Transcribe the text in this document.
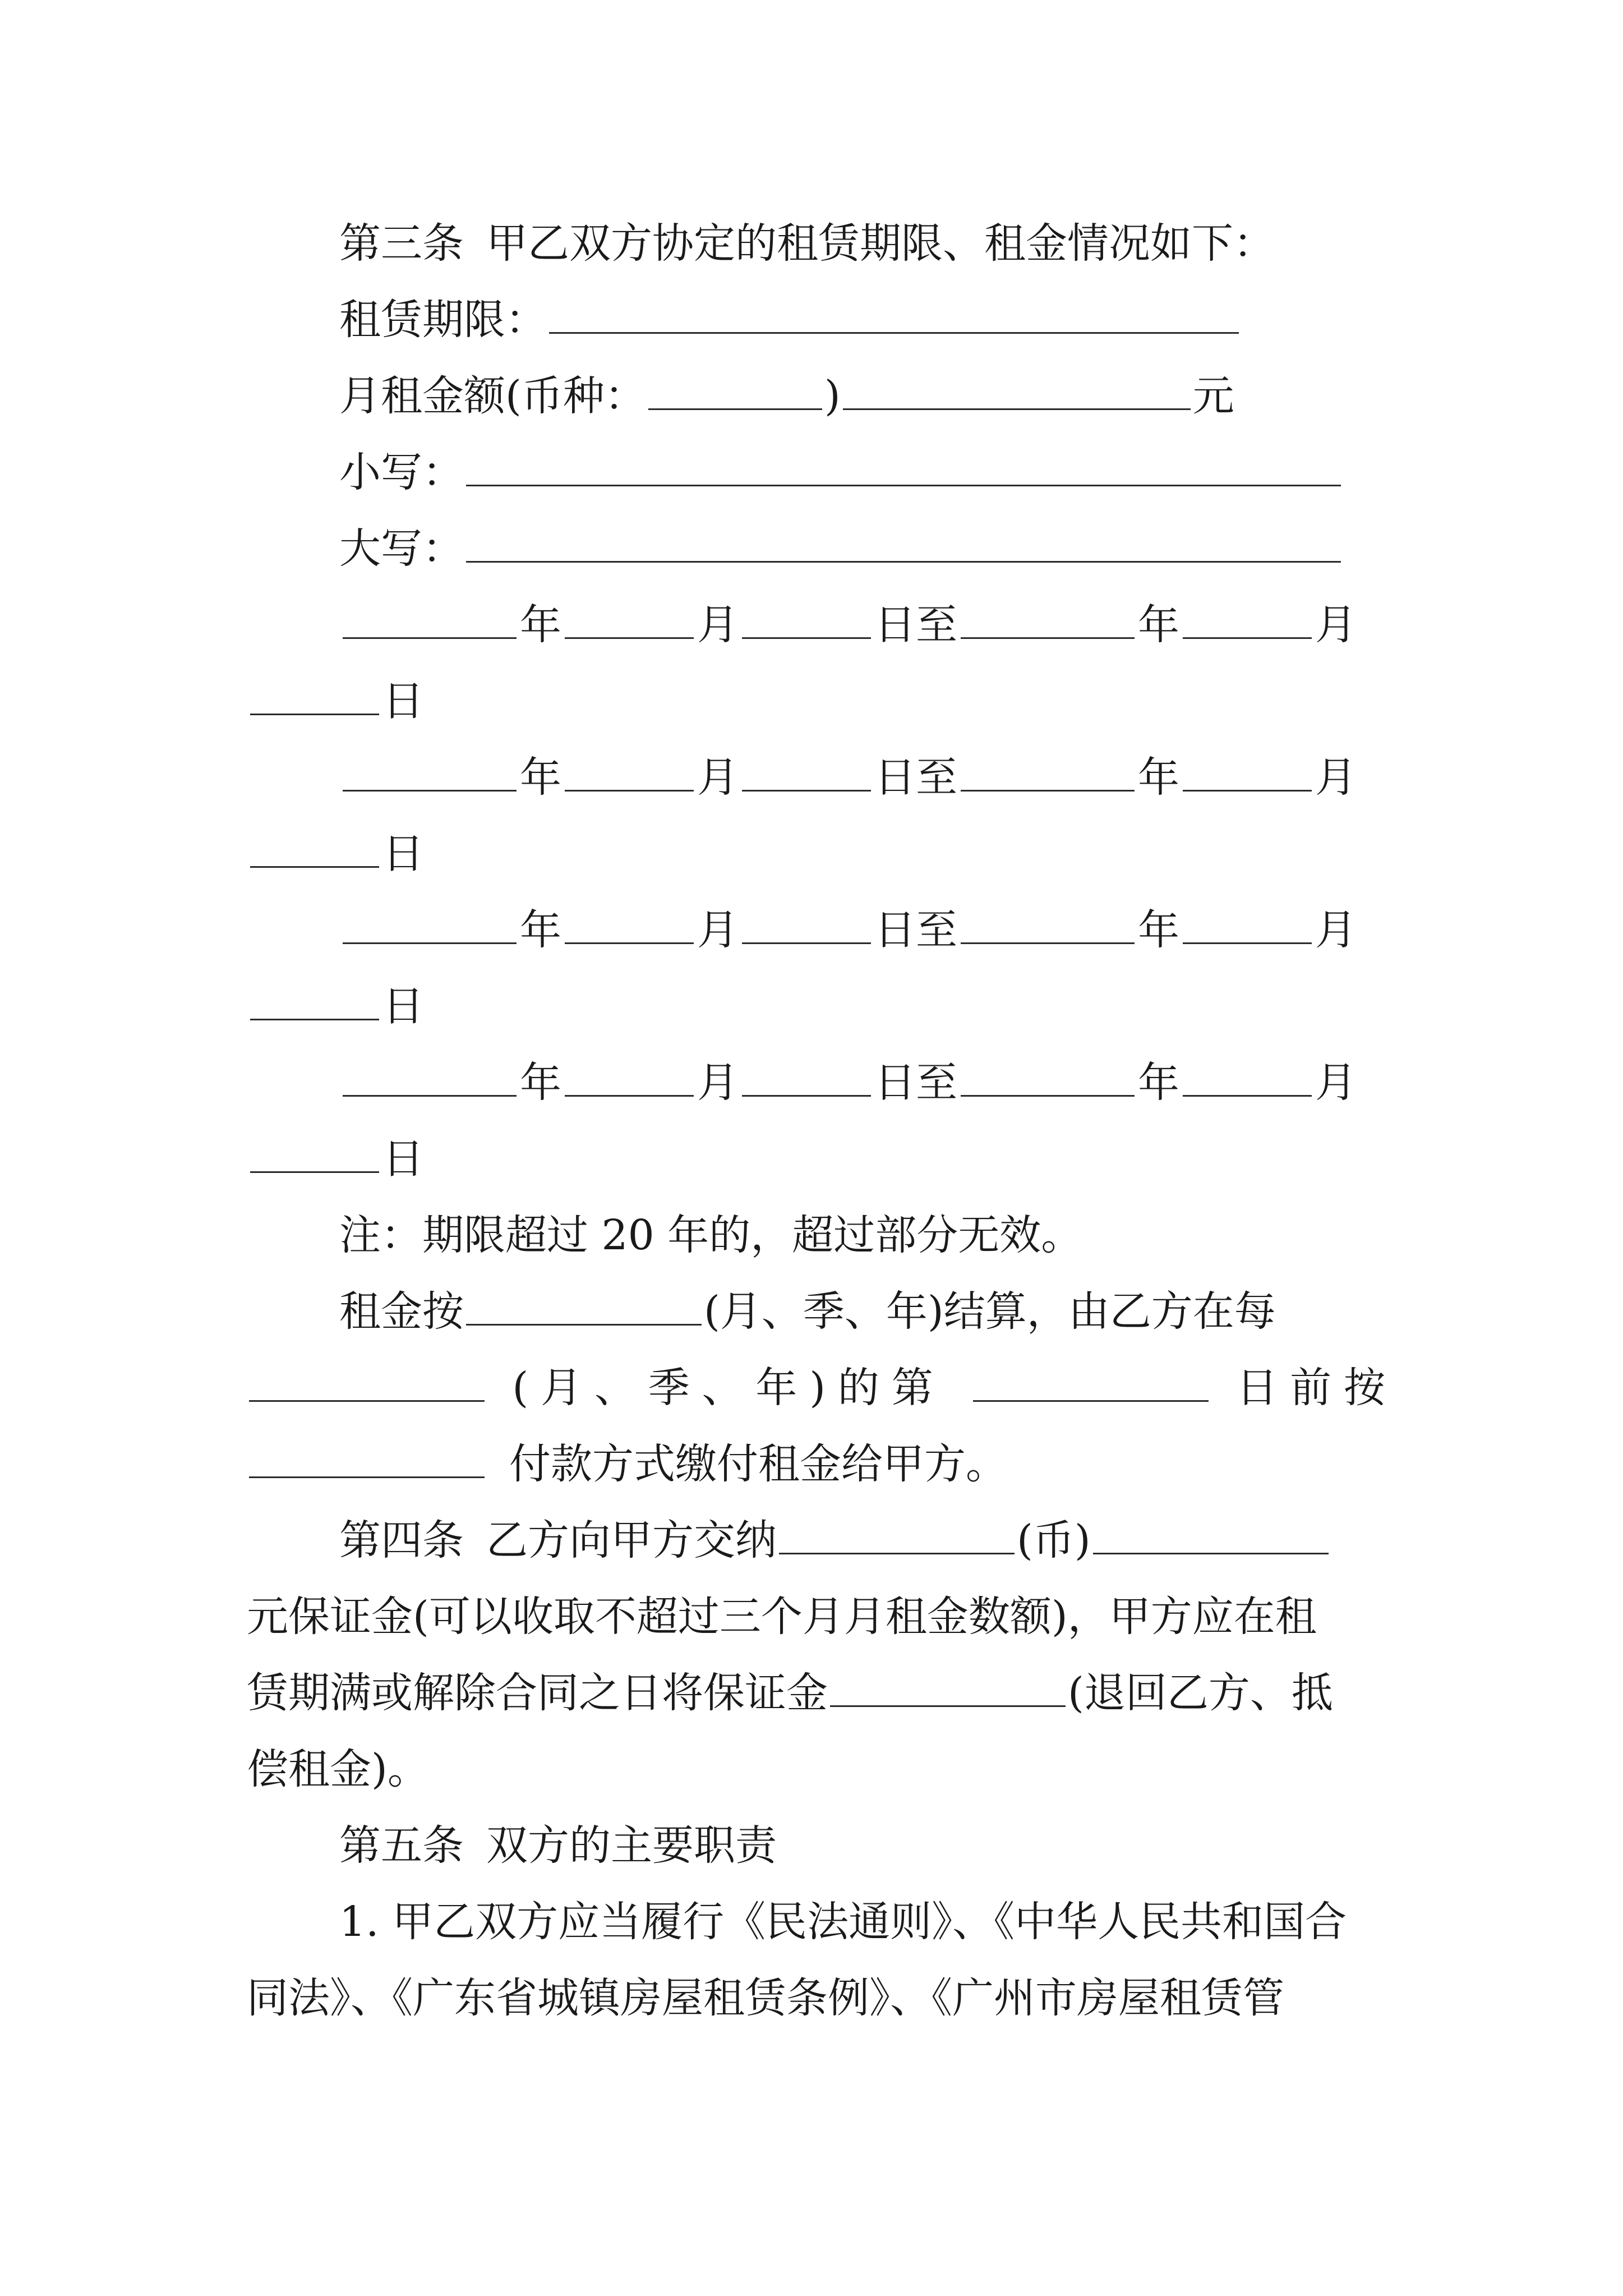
第三条 甲乙双方协定的租赁期限、租金情况如下：
租赁期限：
月租金额(币种：	)	元
小写：
大写：
年	月	日至	年	月
日
年	月	日至	年	月
日
年	月	日至	年	月
日
年	月	日至	年	月
日
注：期限超过 20 年的，超过部分无效。
租金按	(月、季、年)结算，由乙方在每
(月、季、年)的第	日前按
付款方式缴付租金给甲方。
第四条 乙方向甲方交纳	(币)
元保证金(可以收取不超过三个月月租金数额)，甲方应在租
赁期满或解除合同之日将保证金	(退回乙方、抵
偿租金)。
第五条 双方的主要职责
1. 甲乙双方应当履行《民法通则》、《中华人民共和国合
同法》、《广东省城镇房屋租赁条例》、《广州市房屋租赁管
